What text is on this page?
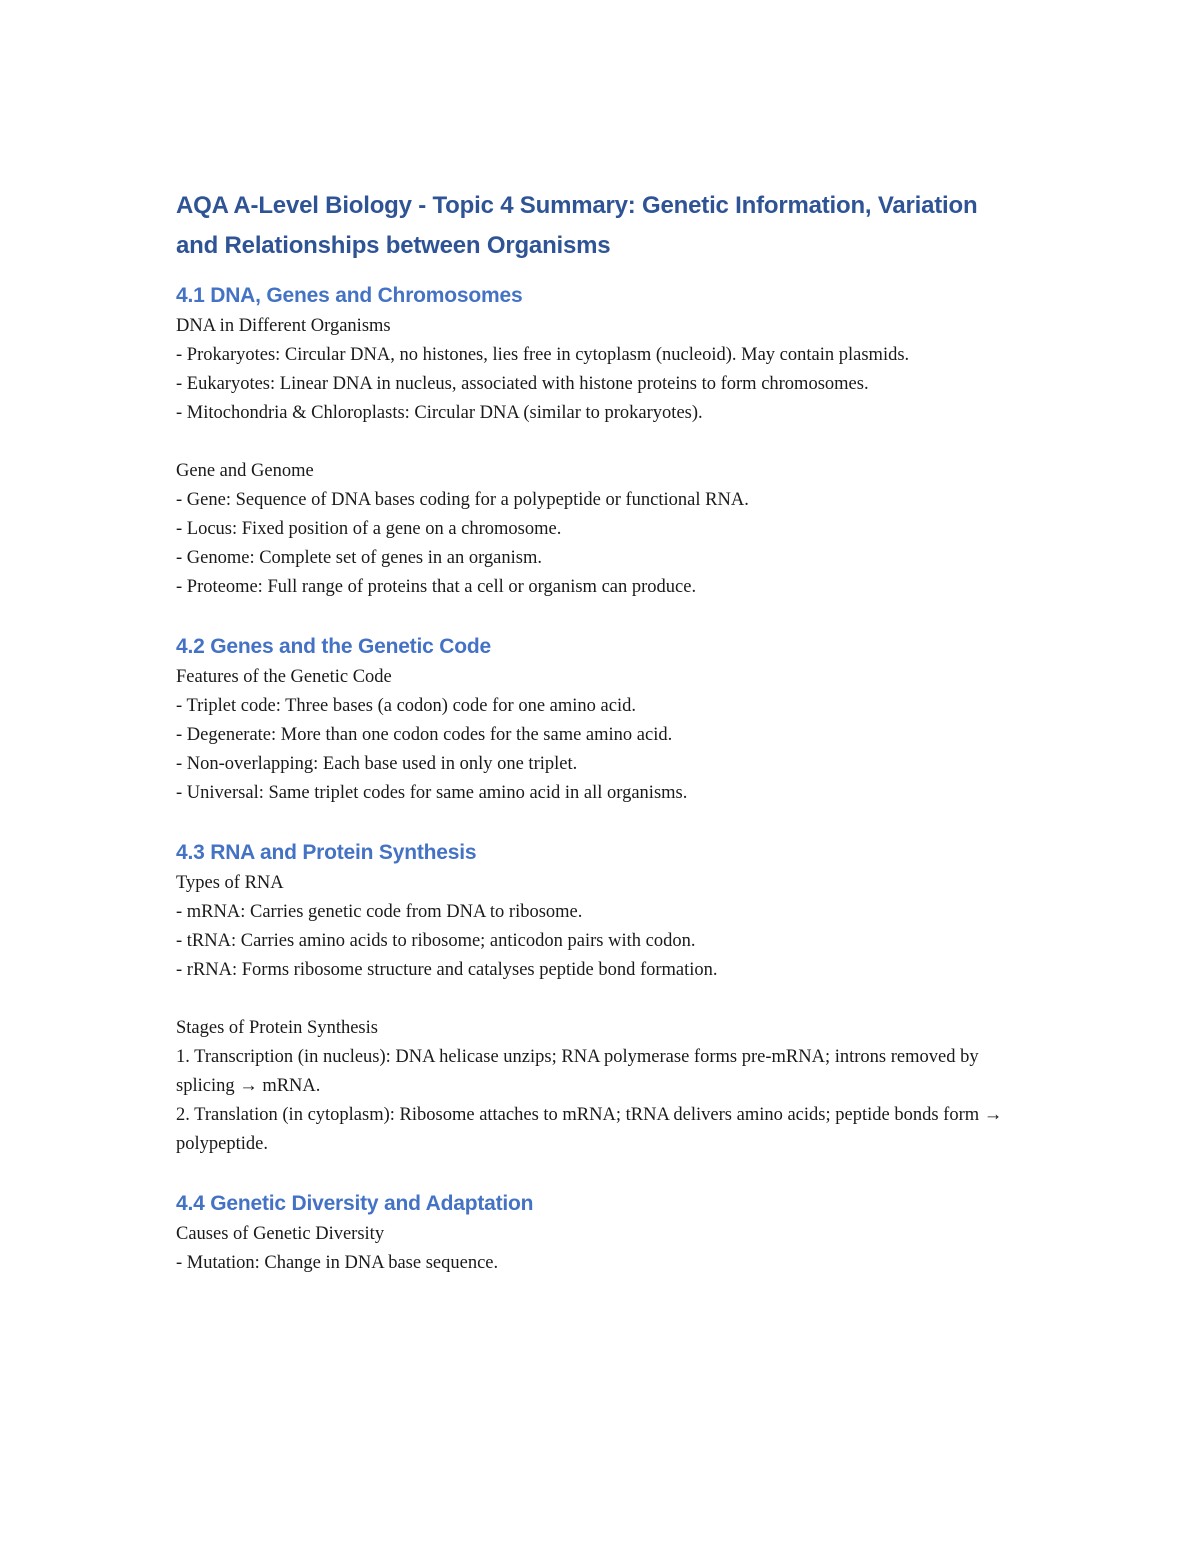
AQA A-Level Biology - Topic 4 Summary: Genetic Information, Variation and Relationships between Organisms
4.1 DNA, Genes and Chromosomes

DNA in Different Organisms

- Prokaryotes: Circular DNA, no histones, lies free in cytoplasm (nucleoid). May contain plasmids.

- Eukaryotes: Linear DNA in nucleus, associated with histone proteins to form chromosomes.

- Mitochondria & Chloroplasts: Circular DNA (similar to prokaryotes).

Gene and Genome

- Gene: Sequence of DNA bases coding for a polypeptide or functional RNA.

- Locus: Fixed position of a gene on a chromosome.

- Genome: Complete set of genes in an organism.

- Proteome: Full range of proteins that a cell or organism can produce.

4.2 Genes and the Genetic Code

Features of the Genetic Code

- Triplet code: Three bases (a codon) code for one amino acid.

- Degenerate: More than one codon codes for the same amino acid.

- Non-overlapping: Each base used in only one triplet.

- Universal: Same triplet codes for same amino acid in all organisms.

4.3 RNA and Protein Synthesis

Types of RNA

- mRNA: Carries genetic code from DNA to ribosome.

- tRNA: Carries amino acids to ribosome; anticodon pairs with codon.

- rRNA: Forms ribosome structure and catalyses peptide bond formation.

Stages of Protein Synthesis

1. Transcription (in nucleus): DNA helicase unzips; RNA polymerase forms pre-mRNA; introns removed by splicing → mRNA.

2. Translation (in cytoplasm): Ribosome attaches to mRNA; tRNA delivers amino acids; peptide bonds form → polypeptide.

4.4 Genetic Diversity and Adaptation

Causes of Genetic Diversity

- Mutation: Change in DNA base sequence.
